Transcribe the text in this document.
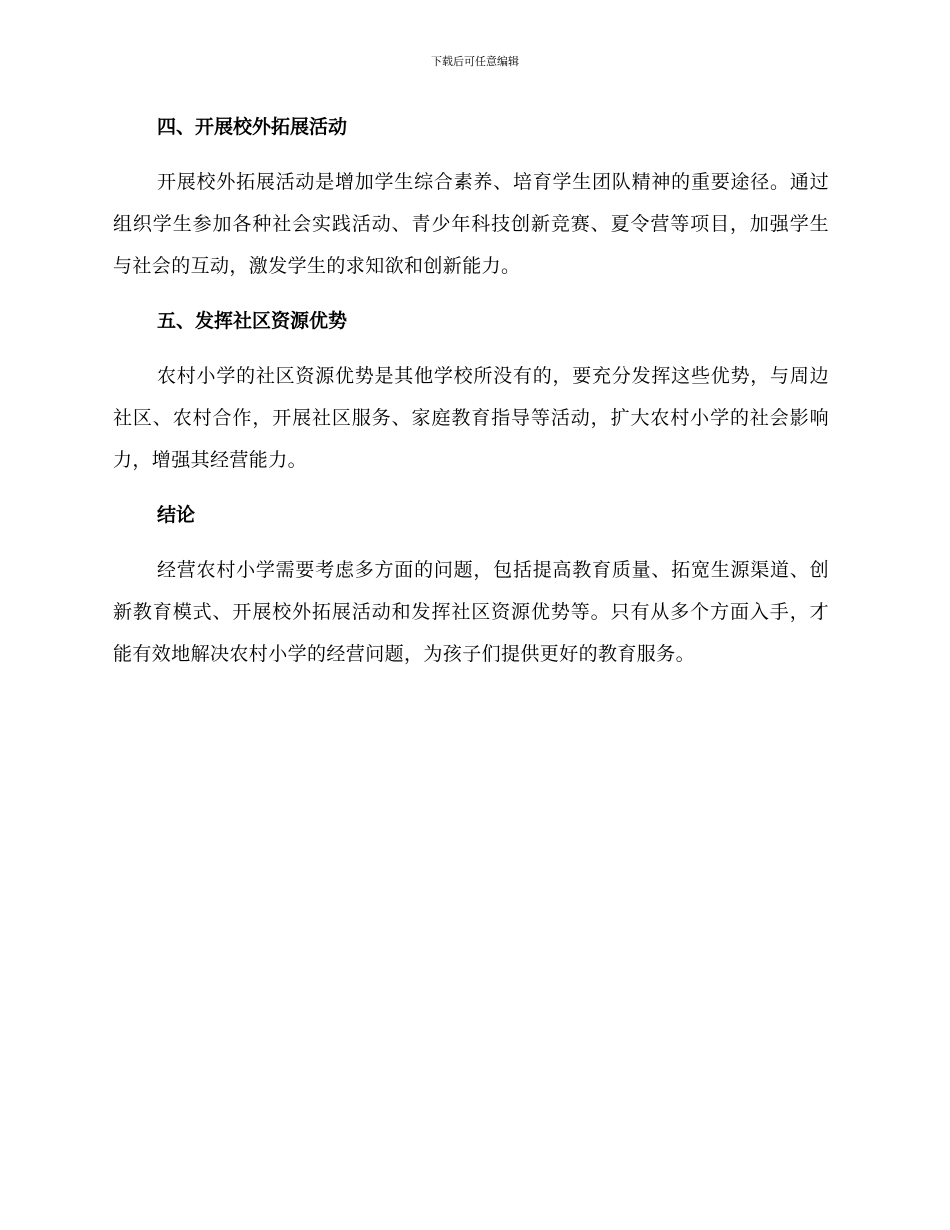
下载后可任意编辑
四、开展校外拓展活动

开展校外拓展活动是增加学生综合素养、培育学生团队精神的重要途径。通过组织学生参加各种社会实践活动、青少年科技创新竞赛、夏令营等项目，加强学生与社会的互动，激发学生的求知欲和创新能力。

五、发挥社区资源优势

农村小学的社区资源优势是其他学校所没有的，要充分发挥这些优势，与周边社区、农村合作，开展社区服务、家庭教育指导等活动，扩大农村小学的社会影响力，增强其经营能力。

结论

经营农村小学需要考虑多方面的问题，包括提高教育质量、拓宽生源渠道、创新教育模式、开展校外拓展活动和发挥社区资源优势等。只有从多个方面入手，才能有效地解决农村小学的经营问题，为孩子们提供更好的教育服务。
